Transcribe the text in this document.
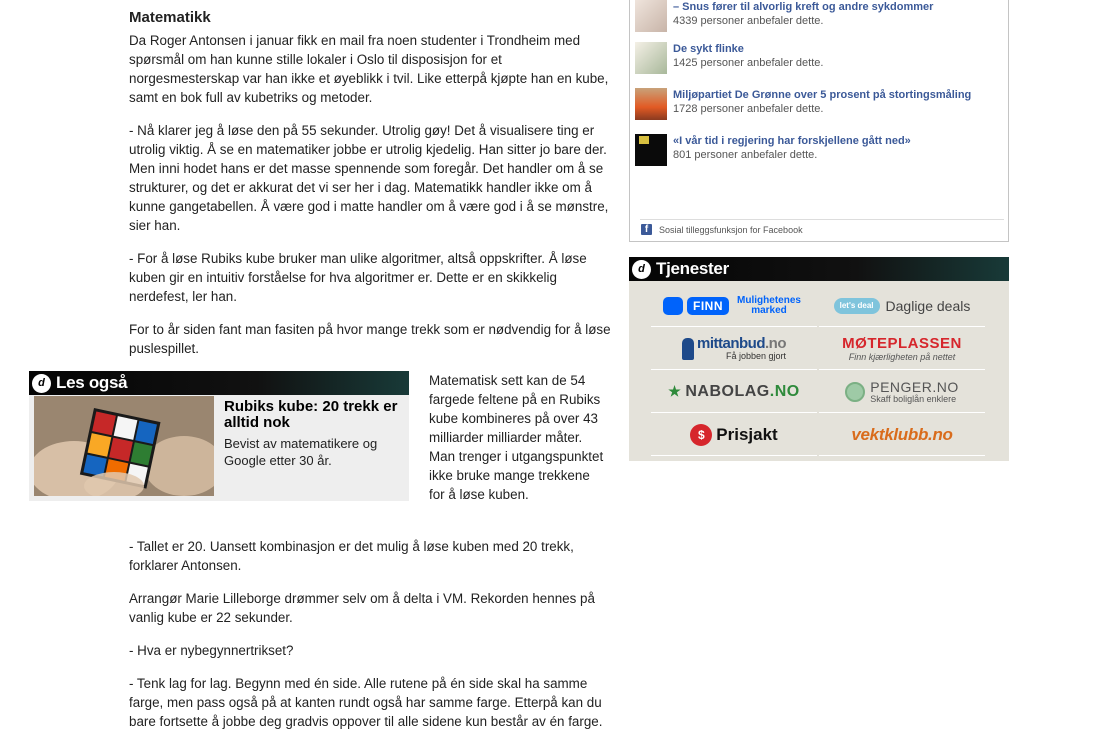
Matematikk

Da Roger Antonsen i januar fikk en mail fra noen studenter i Trondheim med spørsmål om han kunne stille lokaler i Oslo til disposisjon for et norgesmesterskap var han ikke et øyeblikk i tvil. Like etterpå kjøpte han en kube, samt en bok full av kubetriks og metoder.

- Nå klarer jeg å løse den på 55 sekunder. Utrolig gøy! Det å visualisere ting er utrolig viktig. Å se en matematiker jobbe er utrolig kjedelig. Han sitter jo bare der. Men inni hodet hans er det masse spennende som foregår. Det handler om å se strukturer, og det er akkurat det vi ser her i dag. Matematikk handler ikke om å kunne gangetabellen. Å være god i matte handler om å være god i å se mønstre, sier han.

- For å løse Rubiks kube bruker man ulike algoritmer, altså oppskrifter. Å løse kuben gir en intuitiv forståelse for hva algoritmer er. Dette er en skikkelig nerdefest, ler han.

For to år siden fant man fasiten på hvor mange trekk som er nødvendig for å løse puslespillet.

d Les også
Rubiks kube: 20 trekk er alltid nok
Bevist av matematikere og Google etter 30 år.
Matematisk sett kan de 54 fargede feltene på en Rubiks kube kombineres på over 43 milliarder milliarder måter. Man trenger i utgangspunktet ikke bruke mange trekkene for å løse kuben.

- Tallet er 20. Uansett kombinasjon er det mulig å løse kuben med 20 trekk, forklarer Antonsen.

Arrangør Marie Lilleborge drømmer selv om å delta i VM. Rekorden hennes på vanlig kube er 22 sekunder.

- Hva er nybegynnertrikset?

- Tenk lag for lag. Begynn med én side. Alle rutene på én side skal ha samme farge, men pass også på at kanten rundt også har samme farge. Etterpå kan du bare fortsette å jobbe deg gradvis oppover til alle sidene kun består av én farge.

– Snus fører til alvorlig kreft og andre sykdommer
4339 personer anbefaler dette.
De sykt flinke
1425 personer anbefaler dette.
Miljøpartiet De Grønne over 5 prosent på stortingsmåling
1728 personer anbefaler dette.
«I vår tid i regjering har forskjellene gått ned»
801 personer anbefaler dette.
f	Sosial tilleggsfunksjon for Facebook
d Tjenester
FINN	Mulighetenes marked	let's deal Daglige deals
mittanbud.no
Få jobben gjort
MØTEPLASSEN
Finn kjærligheten på nettet
★ NABOLAG.NO	PENGER.NO
Skaff boliglån enklere
$ Prisjakt	vektklubb.no
